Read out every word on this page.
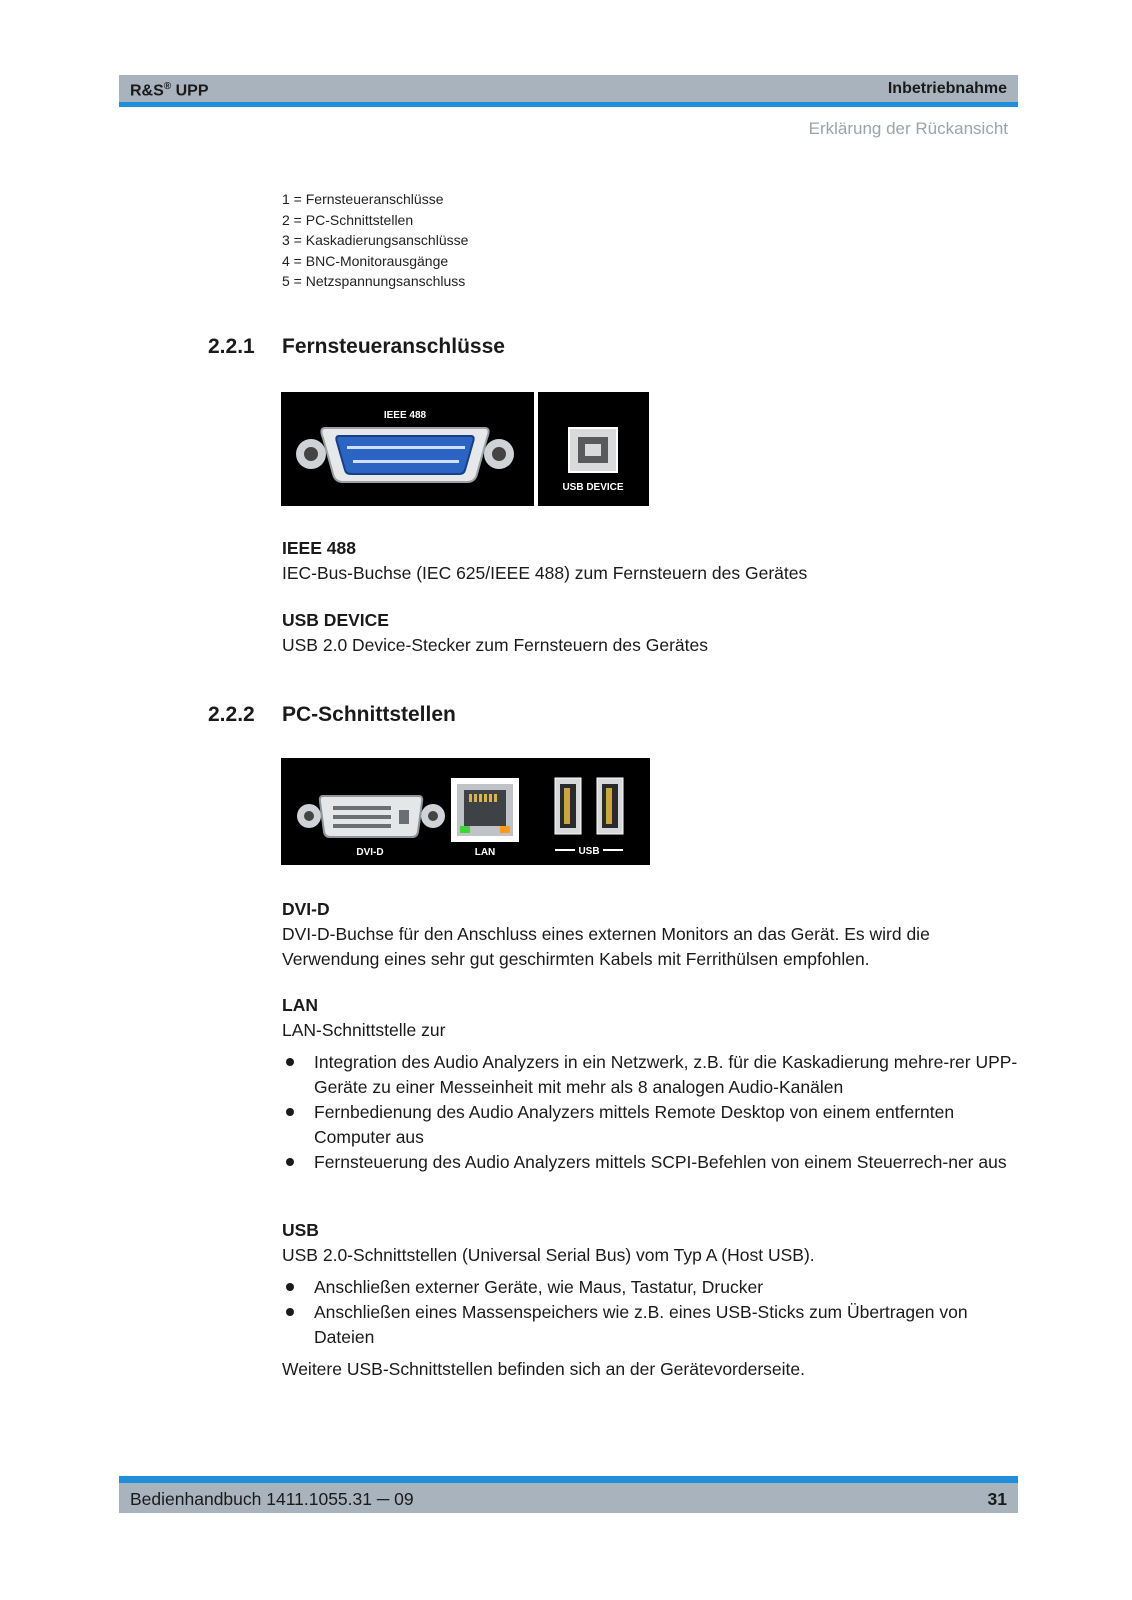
R&S® UPP	Inbetriebnahme
Erklärung der Rückansicht
1 = Fernsteueranschlüsse
2 = PC-Schnittstellen
3 = Kaskadierungsanschlüsse
4 = BNC-Monitorausgänge
5 = Netzspannungsanschluss
2.2.1 Fernsteueranschlüsse
IEEE 488
USB DEVICE
IEEE 488
IEC-Bus-Buchse (IEC 625/IEEE 488) zum Fernsteuern des Gerätes
USB DEVICE
USB 2.0 Device-Stecker zum Fernsteuern des Gerätes
2.2.2 PC-Schnittstellen
DVI-D	LAN	USB
DVI-D
DVI-D-Buchse für den Anschluss eines externen Monitors an das Gerät. Es wird die Verwendung eines sehr gut geschirmten Kabels mit Ferrithülsen empfohlen.
LAN
LAN-Schnittstelle zur
Integration des Audio Analyzers in ein Netzwerk, z.B. für die Kaskadierung mehre-rer UPP-Geräte zu einer Messeinheit mit mehr als 8 analogen Audio-Kanälen
Fernbedienung des Audio Analyzers mittels Remote Desktop von einem entfernten Computer aus
Fernsteuerung des Audio Analyzers mittels SCPI-Befehlen von einem Steuerrech-ner aus
USB
USB 2.0-Schnittstellen (Universal Serial Bus) vom Typ A (Host USB).
Anschließen externer Geräte, wie Maus, Tastatur, Drucker
Anschließen eines Massenspeichers wie z.B. eines USB-Sticks zum Übertragen von Dateien
Weitere USB-Schnittstellen befinden sich an der Gerätevorderseite.
Bedienhandbuch 1411.1055.31 ─ 09	31
